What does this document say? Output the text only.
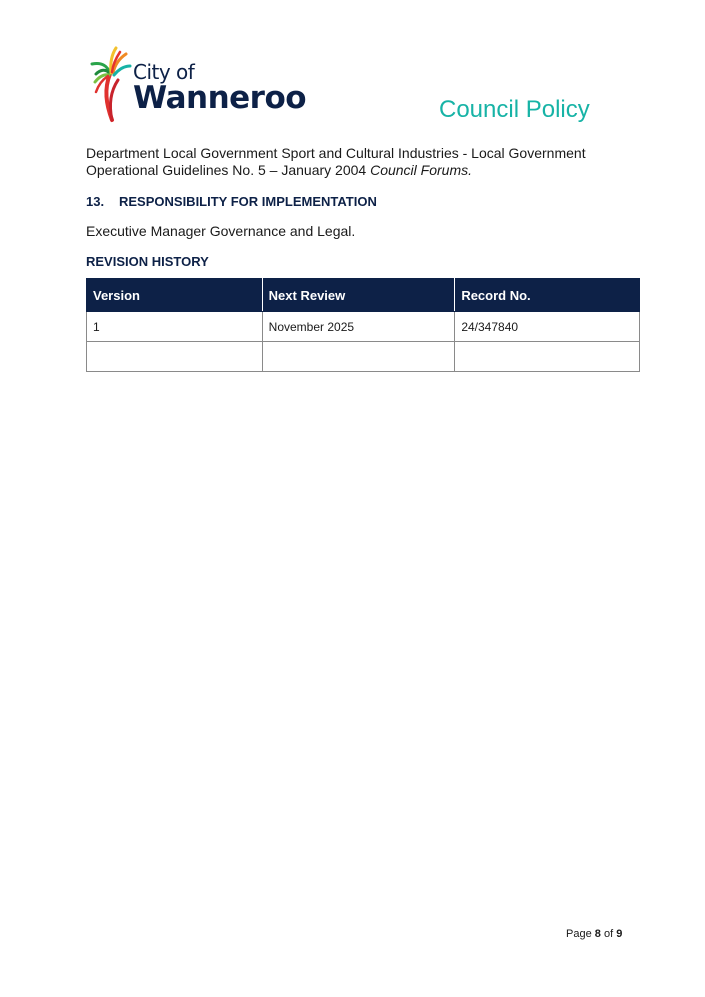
City of
Wanneroo	Council Policy
Department Local Government Sport and Cultural Industries - Local Government Operational Guidelines No. 5 – January 2004 Council Forums.
13. RESPONSIBILITY FOR IMPLEMENTATION
Executive Manager Governance and Legal.
REVISION HISTORY
Version	Next Review	Record No.
1	November 2025	24/347840

Page 8 of 9
